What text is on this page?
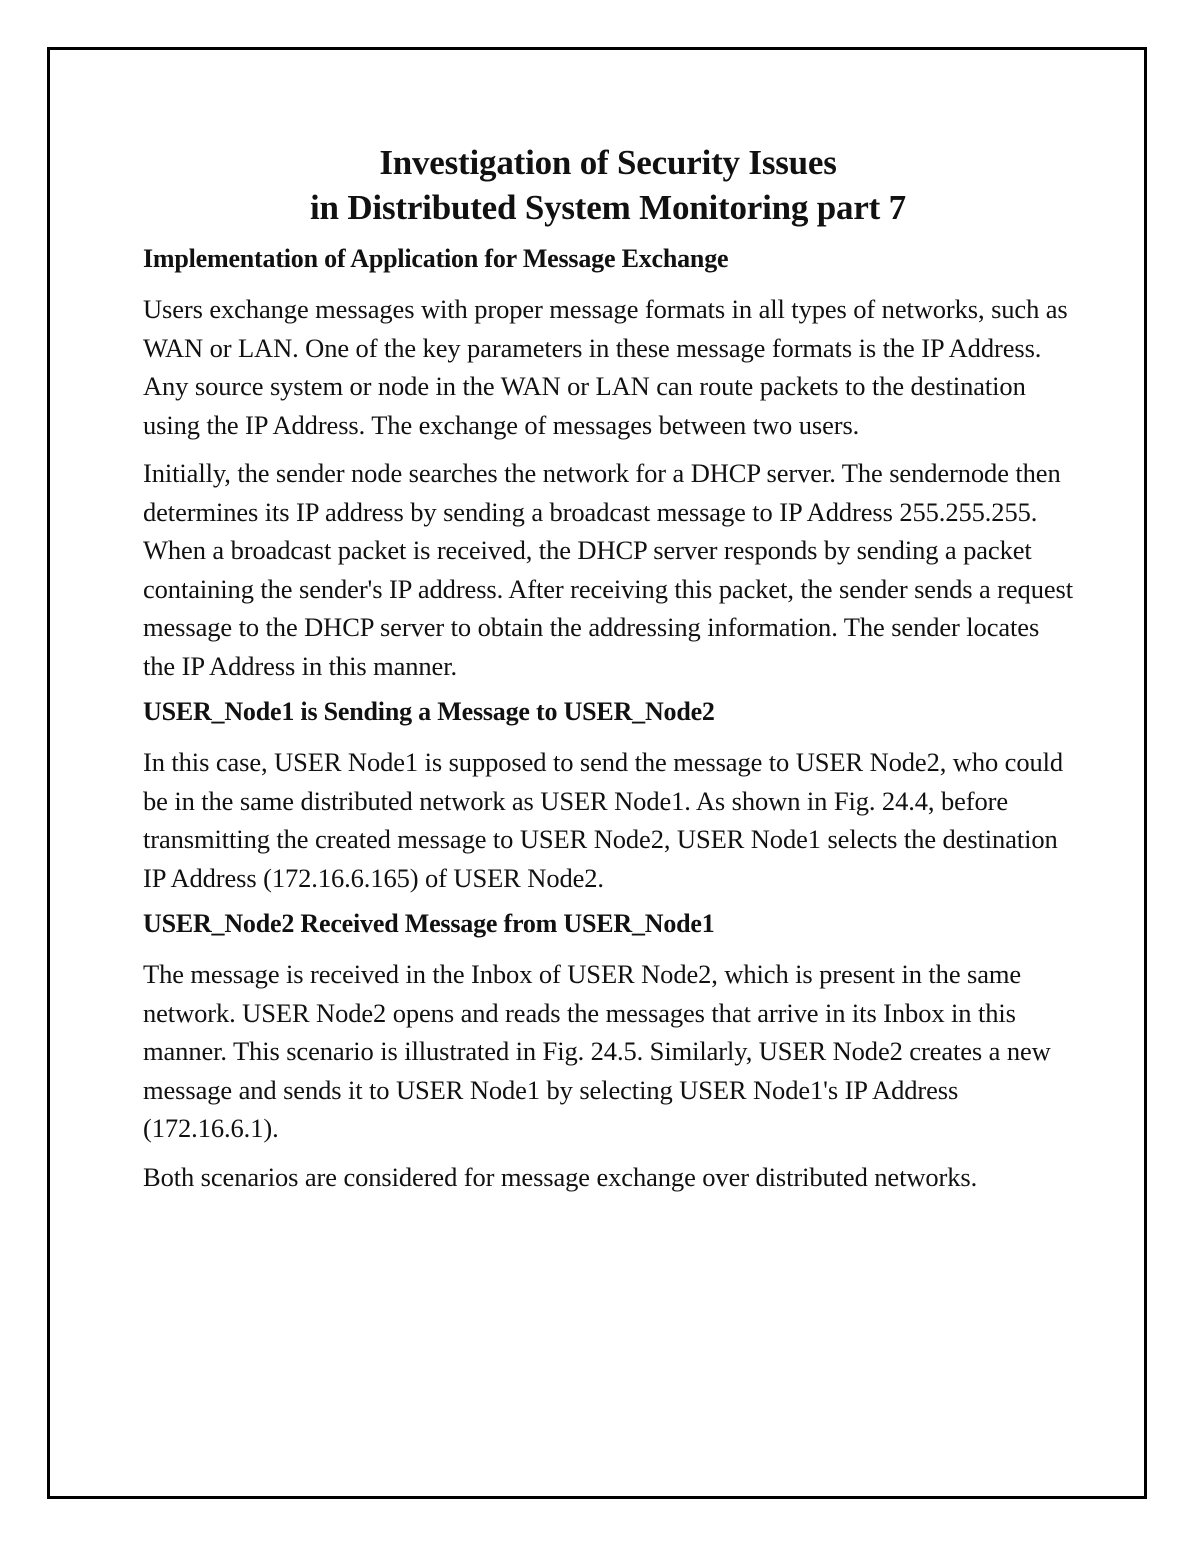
Investigation of Security Issues
in Distributed System Monitoring part 7
Implementation of Application for Message Exchange

Users exchange messages with proper message formats in all types of networks, such as WAN or LAN. One of the key parameters in these message formats is the IP Address. Any source system or node in the WAN or LAN can route packets to the destination using the IP Address. The exchange of messages between two users.

Initially, the sender node searches the network for a DHCP server. The sendernode then determines its IP address by sending a broadcast message to IP Address 255.255.255. When a broadcast packet is received, the DHCP server responds by sending a packet containing the sender's IP address. After receiving this packet, the sender sends a request message to the DHCP server to obtain the addressing information. The sender locates the IP Address in this manner.

USER_Node1 is Sending a Message to USER_Node2

In this case, USER Node1 is supposed to send the message to USER Node2, who could be in the same distributed network as USER Node1. As shown in Fig. 24.4, before transmitting the created message to USER Node2, USER Node1 selects the destination IP Address (172.16.6.165) of USER Node2.

USER_Node2 Received Message from USER_Node1

The message is received in the Inbox of USER Node2, which is present in the same network. USER Node2 opens and reads the messages that arrive in its Inbox in this manner. This scenario is illustrated in Fig. 24.5. Similarly, USER Node2 creates a new message and sends it to USER Node1 by selecting USER Node1's IP Address (172.16.6.1).

Both scenarios are considered for message exchange over distributed networks.
